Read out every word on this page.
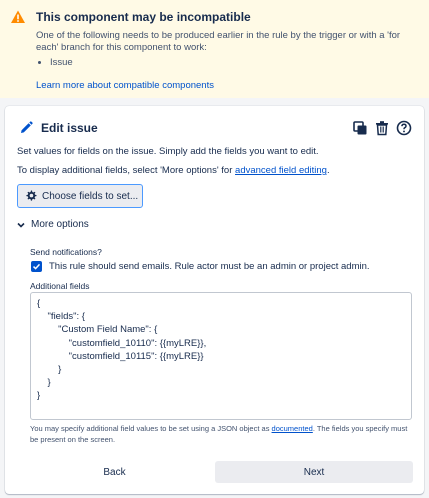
This component may be incompatible
One of the following needs to be produced earlier in the rule by the trigger or with a 'for each' branch for this component to work:
• Issue
Learn more about compatible components
Edit issue
Set values for fields on the issue. Simply add the fields you want to edit.
To display additional fields, select 'More options' for advanced field editing.
Choose fields to set...
More options
Send notifications?
This rule should send emails. Rule actor must be an admin or project admin.
Additional fields
{
"fields": {
"Custom Field Name": {
"customfield_10110": {{myLRE}},
"customfield_10115": {{myLRE}}
}
}
}
You may specify additional field values to be set using a JSON object as documented. The fields you specify must be present on the screen.
Back	Next
